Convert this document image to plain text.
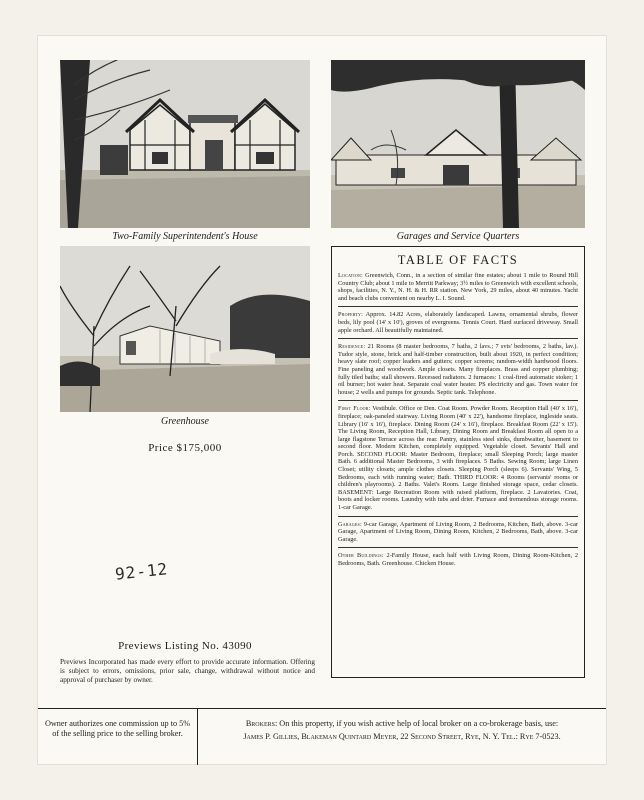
Two-Family Superintendent's House	Garages and Service Quarters
Greenhouse
Price $175,000
92-12
Previews Listing No. 43090
Previews Incorporated has made every effort to provide accurate information. Offering is subject to errors, omissions, prior sale, change, withdrawal without notice and approval of purchaser by owner.
TABLE OF FACTS

Location: Greenwich, Conn., in a section of similar fine estates; about 1 mile to Round Hill Country Club; about 1 mile to Merritt Parkway; 3½ miles to Greenwich with excellent schools, shops, facilities, N. Y., N. H. & H. RR station. New York, 29 miles, about 40 minutes. Yacht and beach clubs convenient on nearby L. I. Sound.

Property: Approx. 14.82 Acres, elaborately landscaped. Lawns, ornamental shrubs, flower beds, lily pool (14' x 10'), groves of evergreens. Tennis Court. Hard surfaced driveway. Small apple orchard. All beautifully maintained.

Residence: 21 Rooms (8 master bedrooms, 7 baths, 2 lavs.; 7 svts' bedrooms, 2 baths, lav.). Tudor style, stone, brick and half-timber construction, built about 1920, in perfect condition; heavy slate roof; copper leaders and gutters; copper screens; random-width hardwood floors. Fine paneling and woodwork. Ample closets. Many fireplaces. Brass and copper plumbing; fully tiled baths; stall showers. Recessed radiators. 2 furnaces: 1 coal-fired automatic stoker; 1 oil burner; hot water heat. Separate coal water heater. PS electricity and gas. Town water for house; 2 wells and pumps for grounds. Septic tank. Telephone.

First Floor: Vestibule. Office or Den. Coat Room. Powder Room. Reception Hall (40' x 16'), fireplace; oak-paneled stairway. Living Room (40' x 22'), handsome fireplace, ingleside seats. Library (16' x 16'), fireplace. Dining Room (24' x 16'), fireplace. Breakfast Room (22' x 15'). The Living Room, Reception Hall, Library, Dining Room and Breakfast Room all open to a large flagstone Terrace across the rear. Pantry, stainless steel sinks, dumbwaiter, basement to second floor. Modern Kitchen, completely equipped. Vegetable closet. Sevants' Hall and Porch. SECOND FLOOR: Master Bedroom, fireplace; small Sleeping Porch; large master Bath. 6 additional Master Bedrooms, 3 with fireplaces. 5 Baths. Sewing Room; large Linen Closet; utility closets; ample clothes closets. Sleeping Porch (sleeps 6). Servants' Wing, 5 Bedrooms, each with running water; Bath. THIRD FLOOR: 4 Rooms (servants' rooms or children's playrooms). 2 Baths. Valet's Room. Large finished storage space, cedar closets. BASEMENT: Large Recreation Room with raised platform, fireplace. 2 Lavatories. Coat, boots and locker rooms. Laundry with tubs and drier. Furnace and tremendous storage rooms. 1-car Garage.

Garages: 9-car Garage, Apartment of Living Room, 2 Bedrooms, Kitchen, Bath, above. 3-car Garage, Apartment of Living Room, Dining Room, Kitchen, 2 Bedrooms, Bath, above. 3-car Garage.

Other Buildings: 2-Family House, each half with Living Room, Dining Room-Kitchen, 2 Bedrooms, Bath. Greenhouse. Chicken House.

Owner authorizes one commission up to 5% of the selling price to the selling broker.
Brokers: On this property, if you wish active help of local broker on a co-brokerage basis, use:
James P. Gillies, Blakeman Quintard Meyer, 22 Second Street, Rye, N. Y. Tel.: Rye 7-0523.
